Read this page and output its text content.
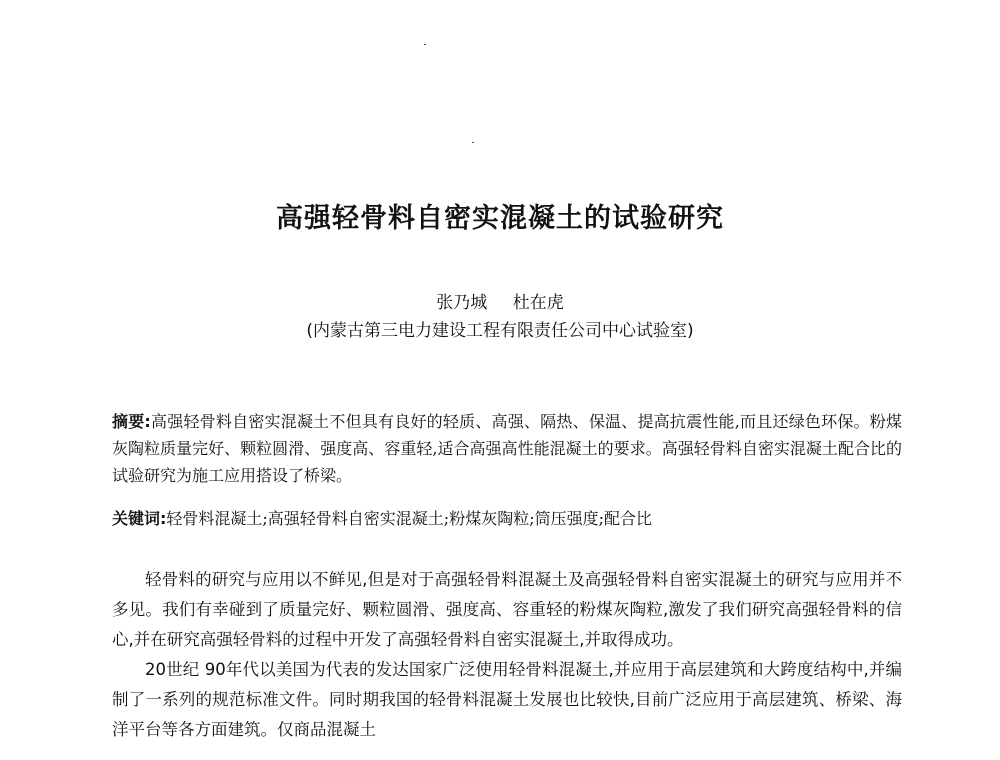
高强轻骨料自密实混凝土的试验研究
张乃城 杜在虎
(内蒙古第三电力建设工程有限责任公司中心试验室)
摘要:高强轻骨料自密实混凝土不但具有良好的轻质、高强、隔热、保温、提高抗震性能,而且还绿色环保。粉煤灰陶粒质量完好、颗粒圆滑、强度高、容重轻,适合高强高性能混凝土的要求。高强轻骨料自密实混凝土配合比的试验研究为施工应用搭设了桥梁。
关键词:轻骨料混凝土;高强轻骨料自密实混凝土;粉煤灰陶粒;筒压强度;配合比

轻骨料的研究与应用以不鲜见,但是对于高强轻骨料混凝土及高强轻骨料自密实混凝土的研究与应用并不多见。我们有幸碰到了质量完好、颗粒圆滑、强度高、容重轻的粉煤灰陶粒,激发了我们研究高强轻骨料的信心,并在研究高强轻骨料的过程中开发了高强轻骨料自密实混凝土,并取得成功。

20世纪 90年代以美国为代表的发达国家广泛使用轻骨料混凝土,并应用于高层建筑和大跨度结构中,并编制了一系列的规范标准文件。同时期我国的轻骨料混凝土发展也比较快,目前广泛应用于高层建筑、桥梁、海洋平台等各方面建筑。仅商品混凝土
